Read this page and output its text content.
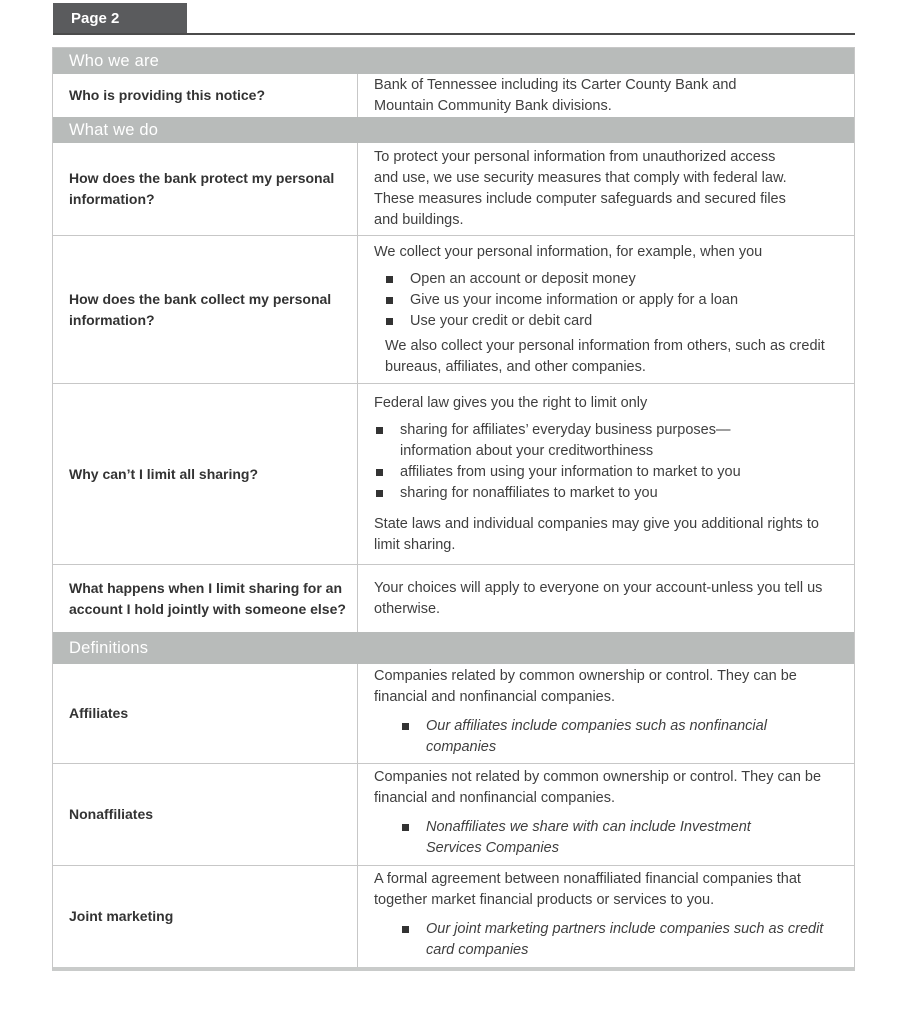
Page 2
Who we are
Who is providing this notice?

Bank of Tennessee including its Carter County Bank and Mountain Community Bank divisions.

What we do
How does the bank protect my personal information?

To protect your personal information from unauthorized access and use, we use security measures that comply with federal law. These measures include computer safeguards and secured files and buildings.

How does the bank collect my personal information?

We collect your personal information, for example, when you

Open an account or deposit money
Give us your income information or apply for a loan
Use your credit or debit card

We also collect your personal information from others, such as credit bureaus, affiliates, and other companies.

Why can’t I limit all sharing?

Federal law gives you the right to limit only

sharing for affiliates’ everyday business purposes—information about your creditworthiness
affiliates from using your information to market to you
sharing for nonaffiliates to market to you

State laws and individual companies may give you additional rights to limit sharing.

What happens when I limit sharing for an account I hold jointly with someone else?

Your choices will apply to everyone on your account-unless you tell us otherwise.

Definitions
Affiliates

Companies related by common ownership or control. They can be financial and nonfinancial companies.

Our affiliates include companies such as nonfinancial companies
Nonaffiliates

Companies not related by common ownership or control. They can be financial and nonfinancial companies.

Nonaffiliates we share with can include Investment Services Companies
Joint marketing

A formal agreement between nonaffiliated financial companies that together market financial products or services to you.

Our joint marketing partners include companies such as credit card companies
